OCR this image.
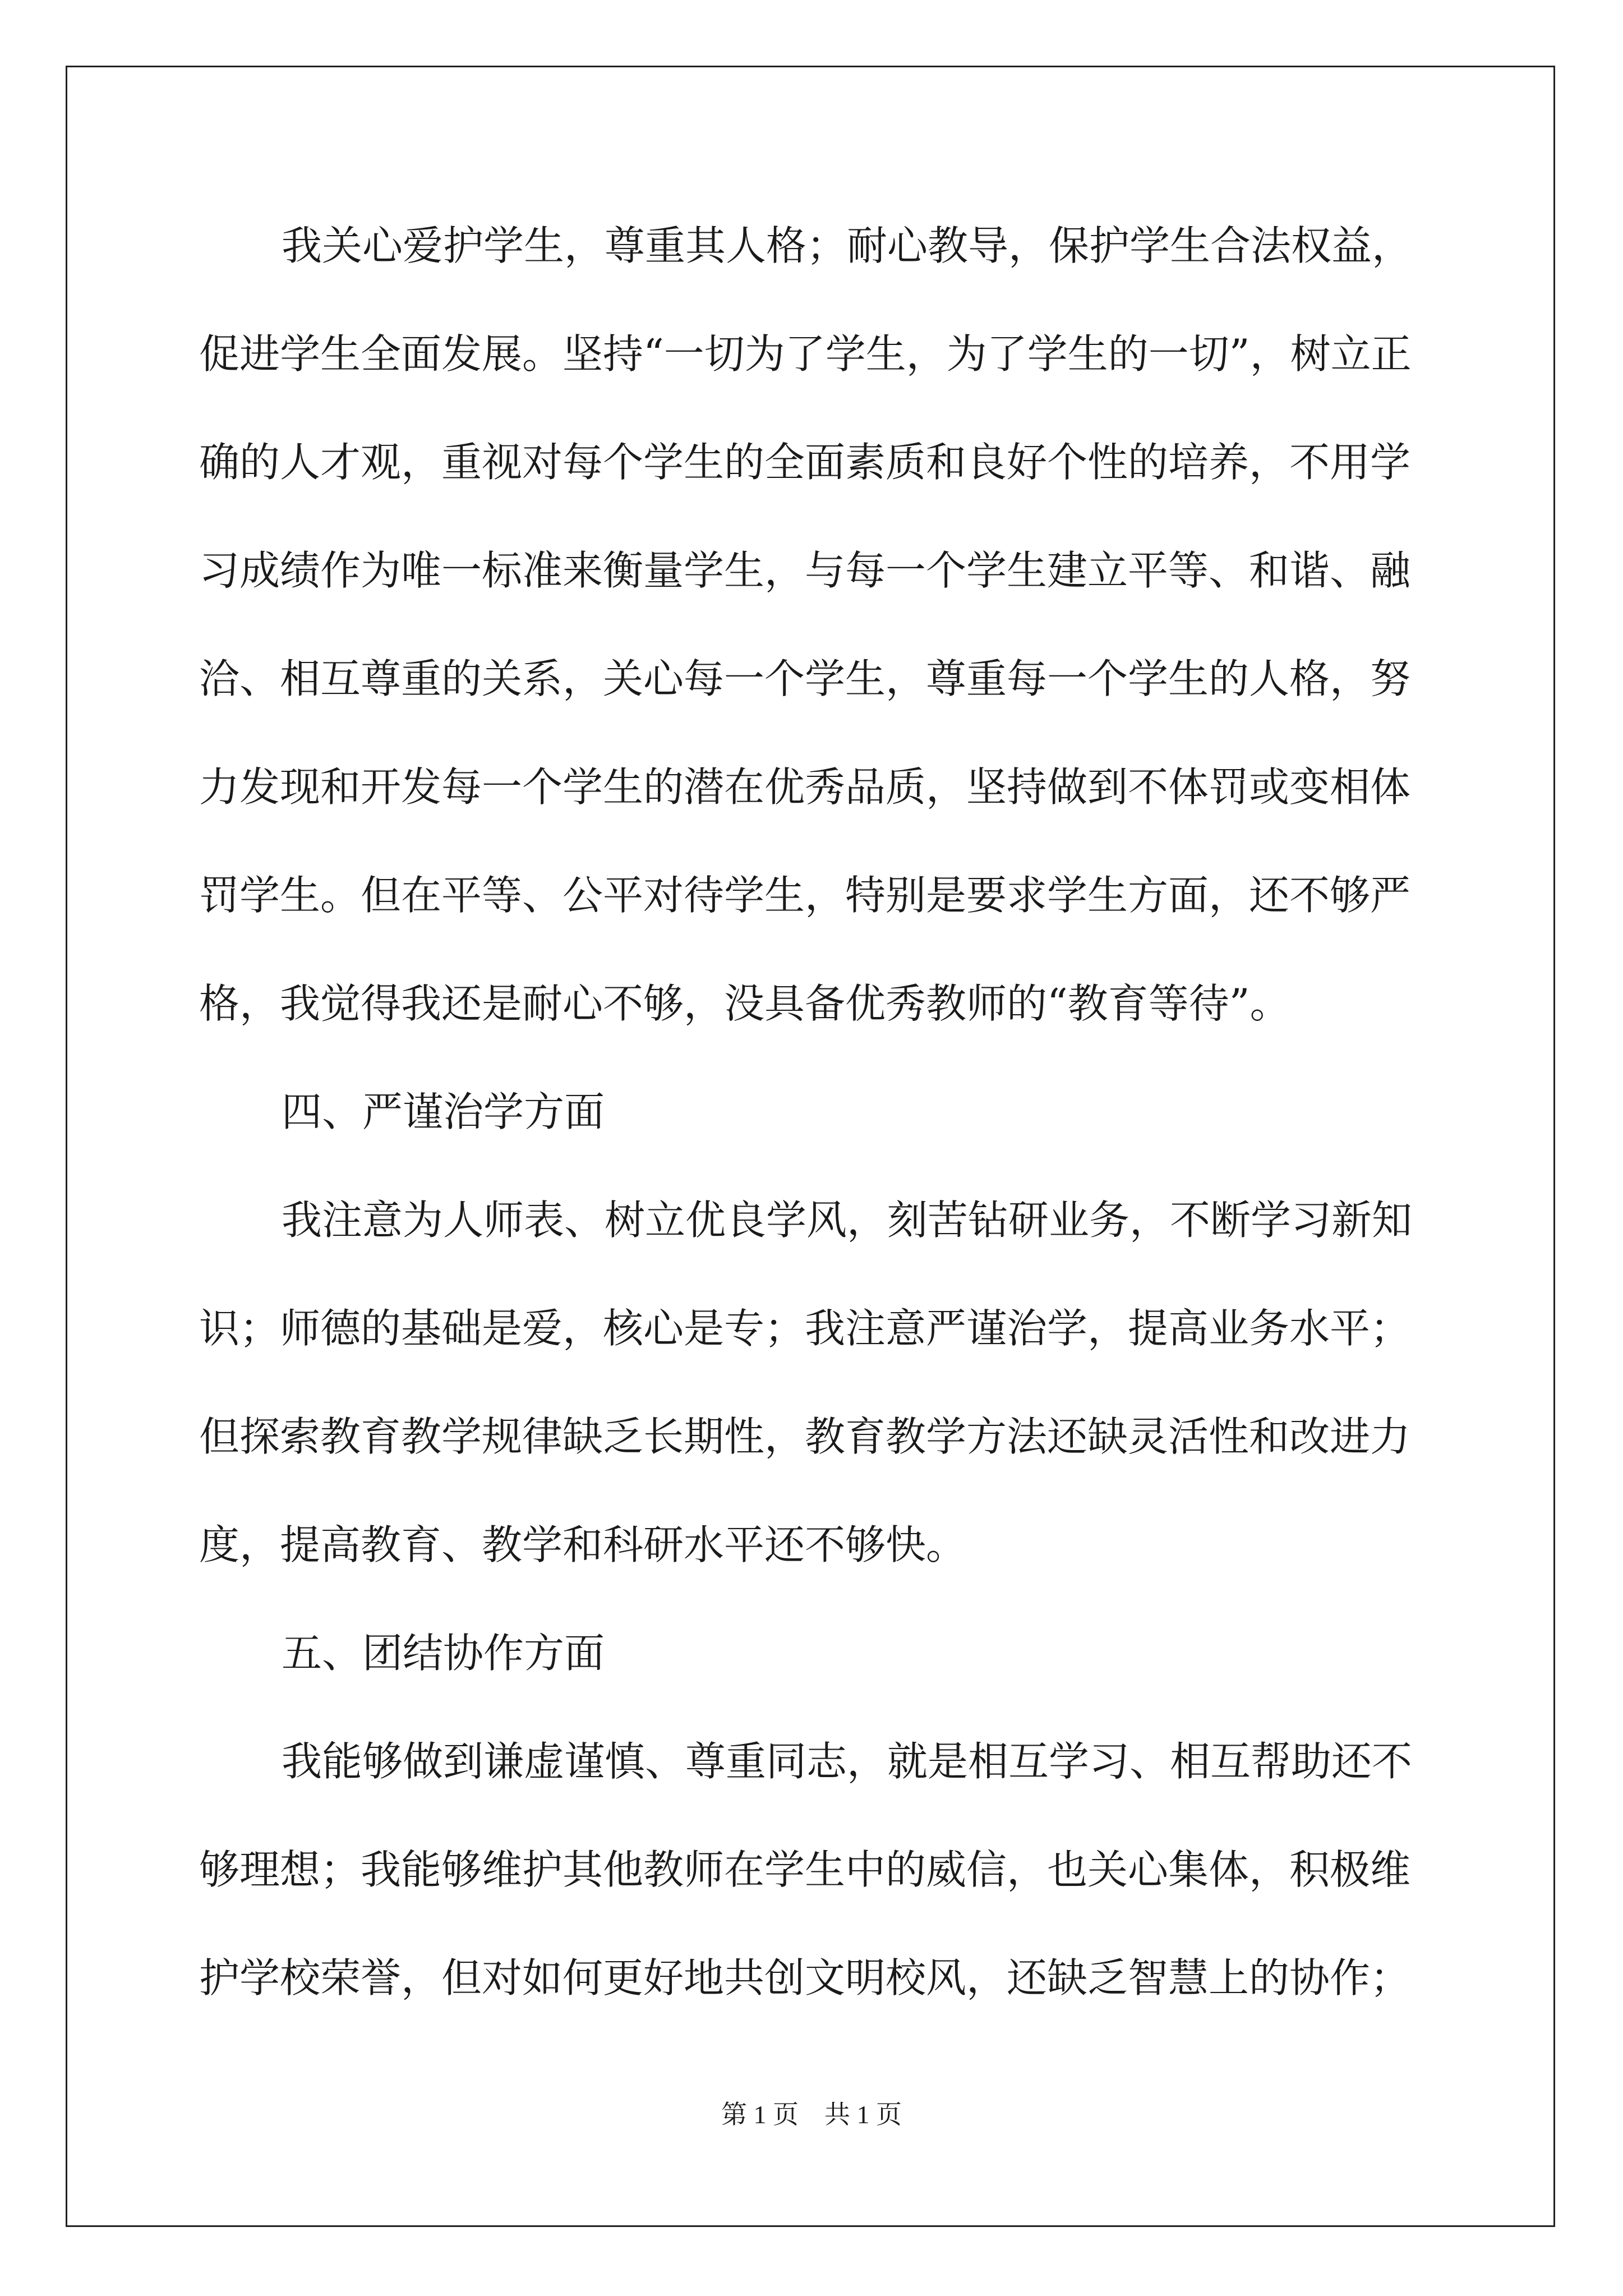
我关心爱护学生，尊重其人格；耐心教导，保护学生合法权益，
促进学生全面发展。坚持“一切为了学生，为了学生的一切”，树立正
确的人才观，重视对每个学生的全面素质和良好个性的培养，不用学
习成绩作为唯一标准来衡量学生，与每一个学生建立平等、和谐、融
洽、相互尊重的关系，关心每一个学生，尊重每一个学生的人格，努
力发现和开发每一个学生的潜在优秀品质，坚持做到不体罚或变相体
罚学生。但在平等、公平对待学生，特别是要求学生方面，还不够严
格，我觉得我还是耐心不够，没具备优秀教师的“教育等待”。
四、严谨治学方面
我注意为人师表、树立优良学风，刻苦钻研业务，不断学习新知
识；师德的基础是爱，核心是专；我注意严谨治学，提高业务水平；
但探索教育教学规律缺乏长期性，教育教学方法还缺灵活性和改进力
度，提高教育、教学和科研水平还不够快。
五、团结协作方面
我能够做到谦虚谨慎、尊重同志，就是相互学习、相互帮助还不
够理想；我能够维护其他教师在学生中的威信，也关心集体，积极维
护学校荣誉，但对如何更好地共创文明校风，还缺乏智慧上的协作；
第 1 页　共 1 页
